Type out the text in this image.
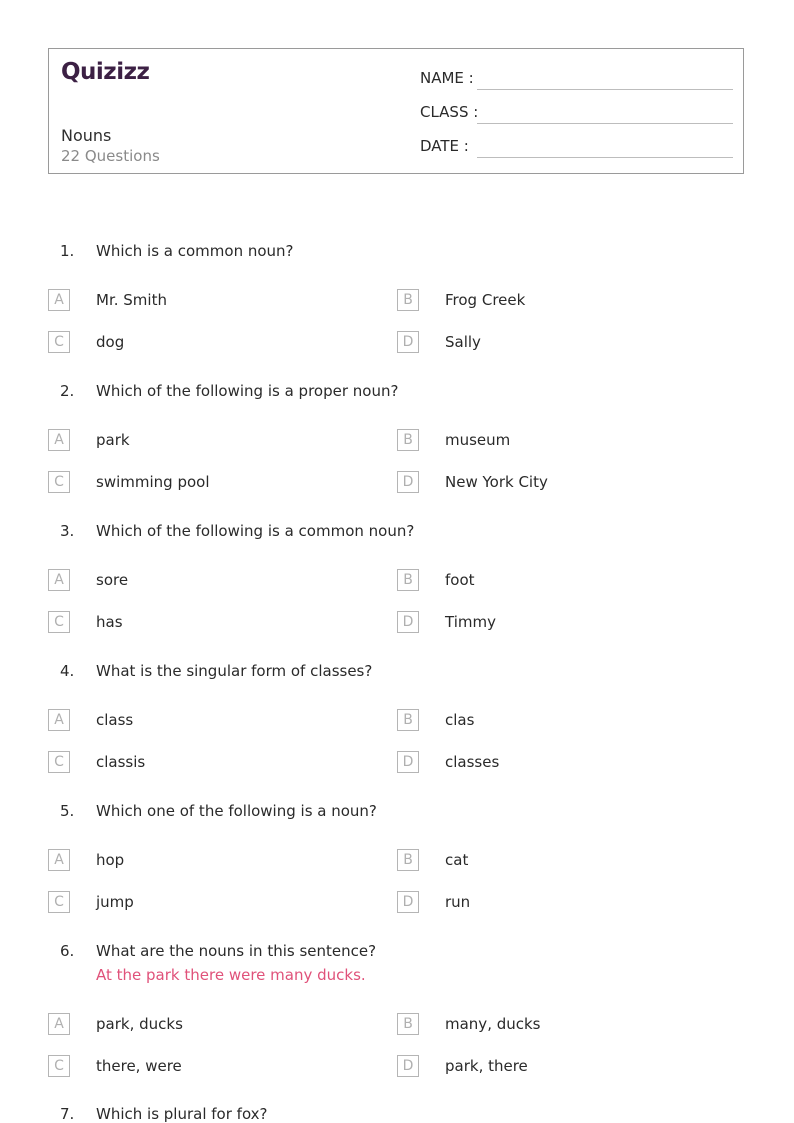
Quizizz
Nouns
22 Questions
NAME :
CLASS :
DATE :
1. Which is a common noun?
A	Mr. Smith	B	Frog Creek
C	dog	D	Sally
2. Which of the following is a proper noun?
A	park	B	museum
C	swimming pool	D	New York City
3. Which of the following is a common noun?
A	sore	B	foot
C	has	D	Timmy
4. What is the singular form of classes?
A	class	B	clas
C	classis	D	classes
5. Which one of the following is a noun?
A	hop	B	cat
C	jump	D	run
6. What are the nouns in this sentence?
At the park there were many ducks.
A	park, ducks	B	many, ducks
C	there, were	D	park, there
7. Which is plural for fox?
